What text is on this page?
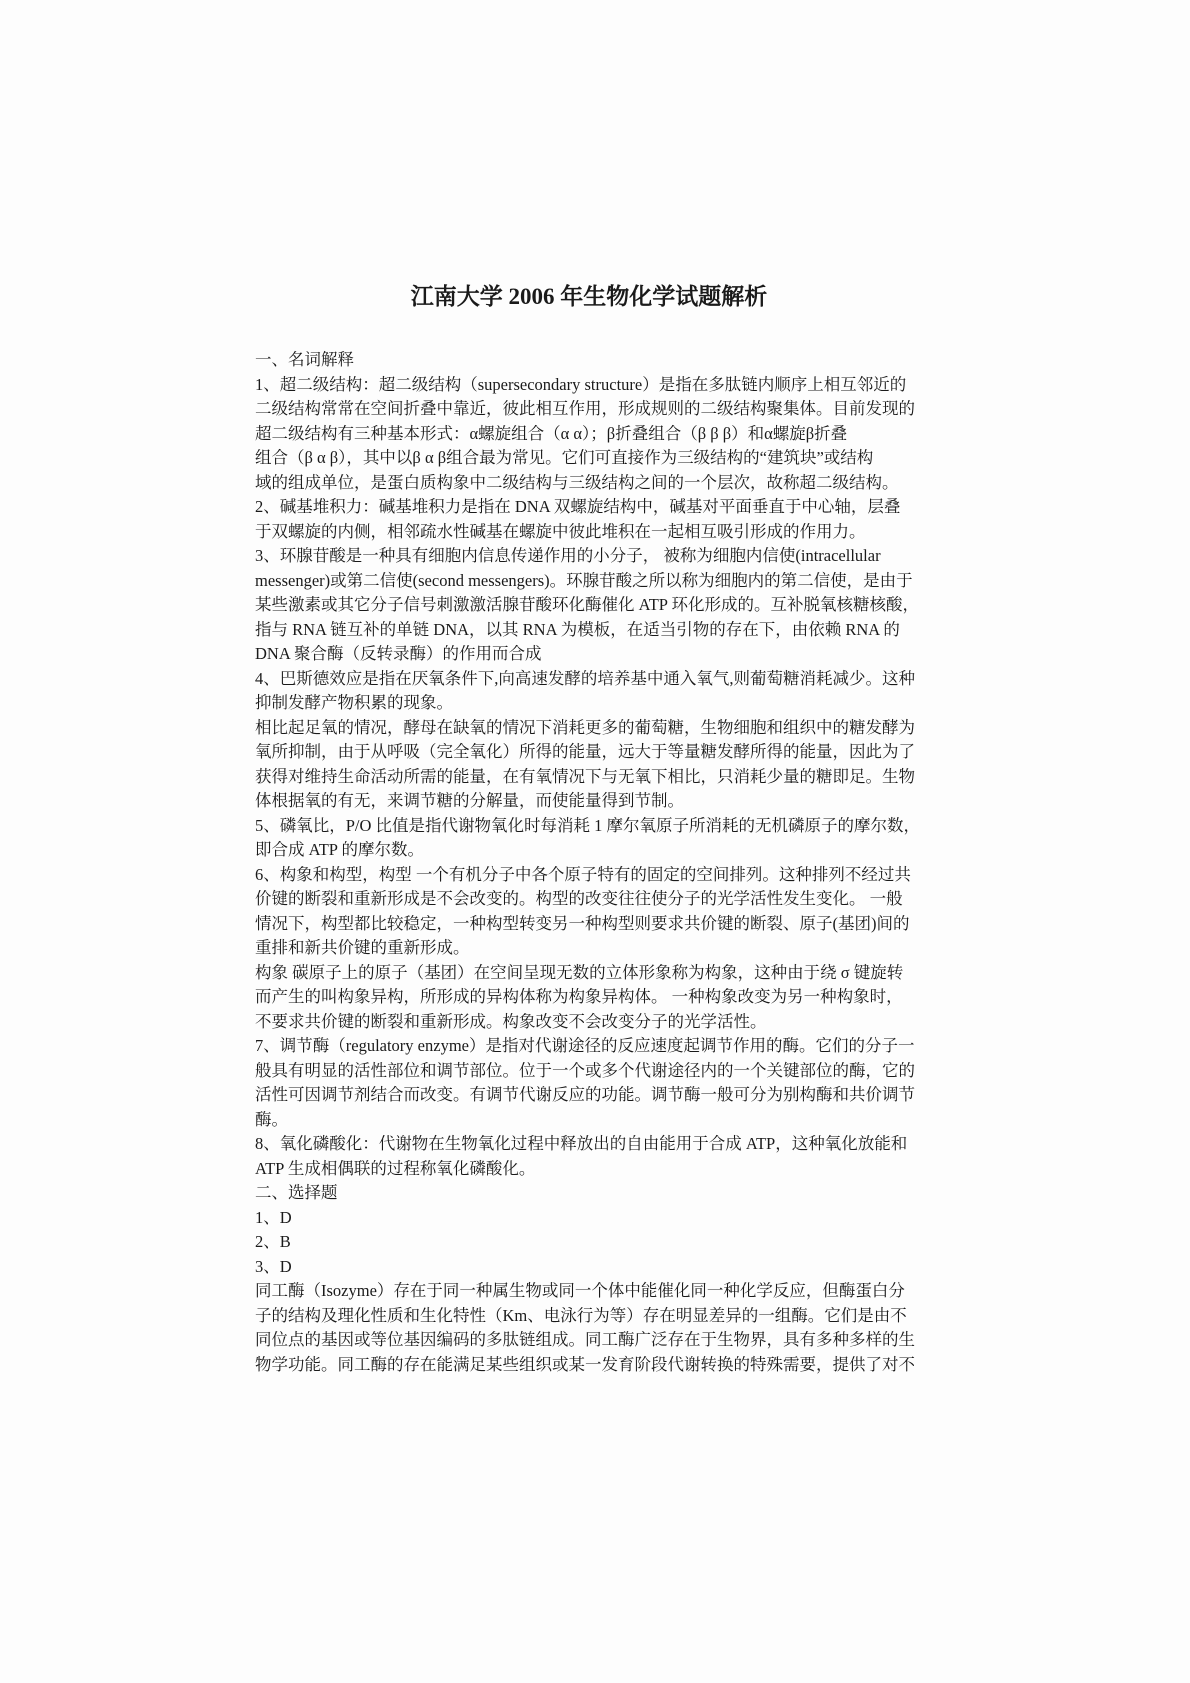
江南大学 2006 年生物化学试题解析
一、名词解释
1、超二级结构：超二级结构（supersecondary structure）是指在多肽链内顺序上相互邻近的
二级结构常常在空间折叠中靠近，彼此相互作用，形成规则的二级结构聚集体。目前发现的
超二级结构有三种基本形式：α螺旋组合（α α）；β折叠组合（β β β）和α螺旋β折叠
组合（β α β），其中以β α β组合最为常见。它们可直接作为三级结构的“建筑块”或结构
域的组成单位，是蛋白质构象中二级结构与三级结构之间的一个层次，故称超二级结构。
2、碱基堆积力：碱基堆积力是指在 DNA 双螺旋结构中，碱基对平面垂直于中心轴，层叠
于双螺旋的内侧，相邻疏水性碱基在螺旋中彼此堆积在一起相互吸引形成的作用力。
3、环腺苷酸是一种具有细胞内信息传递作用的小分子， 被称为细胞内信使(intracellular
messenger)或第二信使(second messengers)。环腺苷酸之所以称为细胞内的第二信使，是由于
某些激素或其它分子信号刺激激活腺苷酸环化酶催化 ATP 环化形成的。互补脱氧核糖核酸，
指与 RNA 链互补的单链 DNA，以其 RNA 为模板，在适当引物的存在下，由依赖 RNA 的
DNA 聚合酶（反转录酶）的作用而合成
4、巴斯德效应是指在厌氧条件下,向高速发酵的培养基中通入氧气,则葡萄糖消耗减少。这种
抑制发酵产物积累的现象。
相比起足氧的情况，酵母在缺氧的情况下消耗更多的葡萄糖，生物细胞和组织中的糖发酵为
氧所抑制，由于从呼吸（完全氧化）所得的能量，远大于等量糖发酵所得的能量，因此为了
获得对维持生命活动所需的能量，在有氧情况下与无氧下相比，只消耗少量的糖即足。生物
体根据氧的有无，来调节糖的分解量，而使能量得到节制。
5、磷氧比，P/O 比值是指代谢物氧化时每消耗 1 摩尔氧原子所消耗的无机磷原子的摩尔数，
即合成 ATP 的摩尔数。
6、构象和构型，构型 一个有机分子中各个原子特有的固定的空间排列。这种排列不经过共
价键的断裂和重新形成是不会改变的。构型的改变往往使分子的光学活性发生变化。 一般
情况下，构型都比较稳定，一种构型转变另一种构型则要求共价键的断裂、原子(基团)间的
重排和新共价键的重新形成。
构象 碳原子上的原子（基团）在空间呈现无数的立体形象称为构象，这种由于绕 σ 键旋转
而产生的叫构象异构，所形成的异构体称为构象异构体。 一种构象改变为另一种构象时，
不要求共价键的断裂和重新形成。构象改变不会改变分子的光学活性。
7、调节酶（regulatory enzyme）是指对代谢途径的反应速度起调节作用的酶。它们的分子一
般具有明显的活性部位和调节部位。位于一个或多个代谢途径内的一个关键部位的酶，它的
活性可因调节剂结合而改变。有调节代谢反应的功能。调节酶一般可分为别构酶和共价调节
酶。
8、氧化磷酸化：代谢物在生物氧化过程中释放出的自由能用于合成 ATP，这种氧化放能和
ATP 生成相偶联的过程称氧化磷酸化。
二、选择题
1、D
2、B
3、D
同工酶（Isozyme）存在于同一种属生物或同一个体中能催化同一种化学反应，但酶蛋白分
子的结构及理化性质和生化特性（Km、电泳行为等）存在明显差异的一组酶。它们是由不
同位点的基因或等位基因编码的多肽链组成。同工酶广泛存在于生物界，具有多种多样的生
物学功能。同工酶的存在能满足某些组织或某一发育阶段代谢转换的特殊需要，提供了对不
